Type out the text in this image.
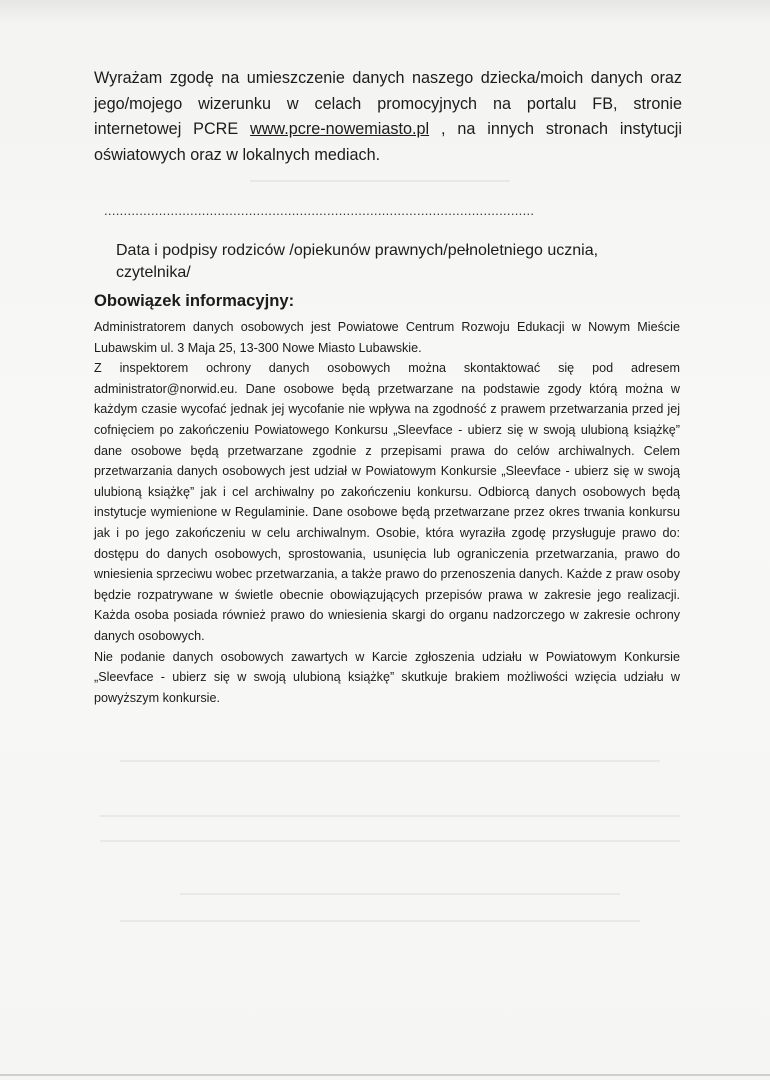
Wyrażam zgodę na umieszczenie danych naszego dziecka/moich danych oraz jego/mojego wizerunku w celach promocyjnych na portalu FB, stronie internetowej PCRE www.pcre-nowemiasto.pl , na innych stronach instytucji oświatowych oraz w lokalnych mediach.

..............................................................................................................
Data i podpisy rodziców /opiekunów prawnych/pełnoletniego ucznia, czytelnika/
Obowiązek informacyjny:

Administratorem danych osobowych jest Powiatowe Centrum Rozwoju Edukacji w Nowym Mieście Lubawskim ul. 3 Maja 25, 13-300 Nowe Miasto Lubawskie.

Z inspektorem ochrony danych osobowych można skontaktować się pod adresem administrator@norwid.eu. Dane osobowe będą przetwarzane na podstawie zgody którą można w każdym czasie wycofać jednak jej wycofanie nie wpływa na zgodność z prawem przetwarzania przed jej cofnięciem po zakończeniu Powiatowego Konkursu „Sleevface - ubierz się w swoją ulubioną książkę” dane osobowe będą przetwarzane zgodnie z przepisami prawa do celów archiwalnych. Celem przetwarzania danych osobowych jest udział w Powiatowym Konkursie „Sleevface - ubierz się w swoją ulubioną książkę” jak i cel archiwalny po zakończeniu konkursu. Odbiorcą danych osobowych będą instytucje wymienione w Regulaminie. Dane osobowe będą przetwarzane przez okres trwania konkursu jak i po jego zakończeniu w celu archiwalnym. Osobie, która wyraziła zgodę przysługuje prawo do: dostępu do danych osobowych, sprostowania, usunięcia lub ograniczenia przetwarzania, prawo do wniesienia sprzeciwu wobec przetwarzania, a także prawo do przenoszenia danych. Każde z praw osoby będzie rozpatrywane w świetle obecnie obowiązujących przepisów prawa w zakresie jego realizacji. Każda osoba posiada również prawo do wniesienia skargi do organu nadzorczego w zakresie ochrony danych osobowych.

Nie podanie danych osobowych zawartych w Karcie zgłoszenia udziału w Powiatowym Konkursie „Sleevface - ubierz się w swoją ulubioną książkę” skutkuje brakiem możliwości wzięcia udziału w powyższym konkursie.
